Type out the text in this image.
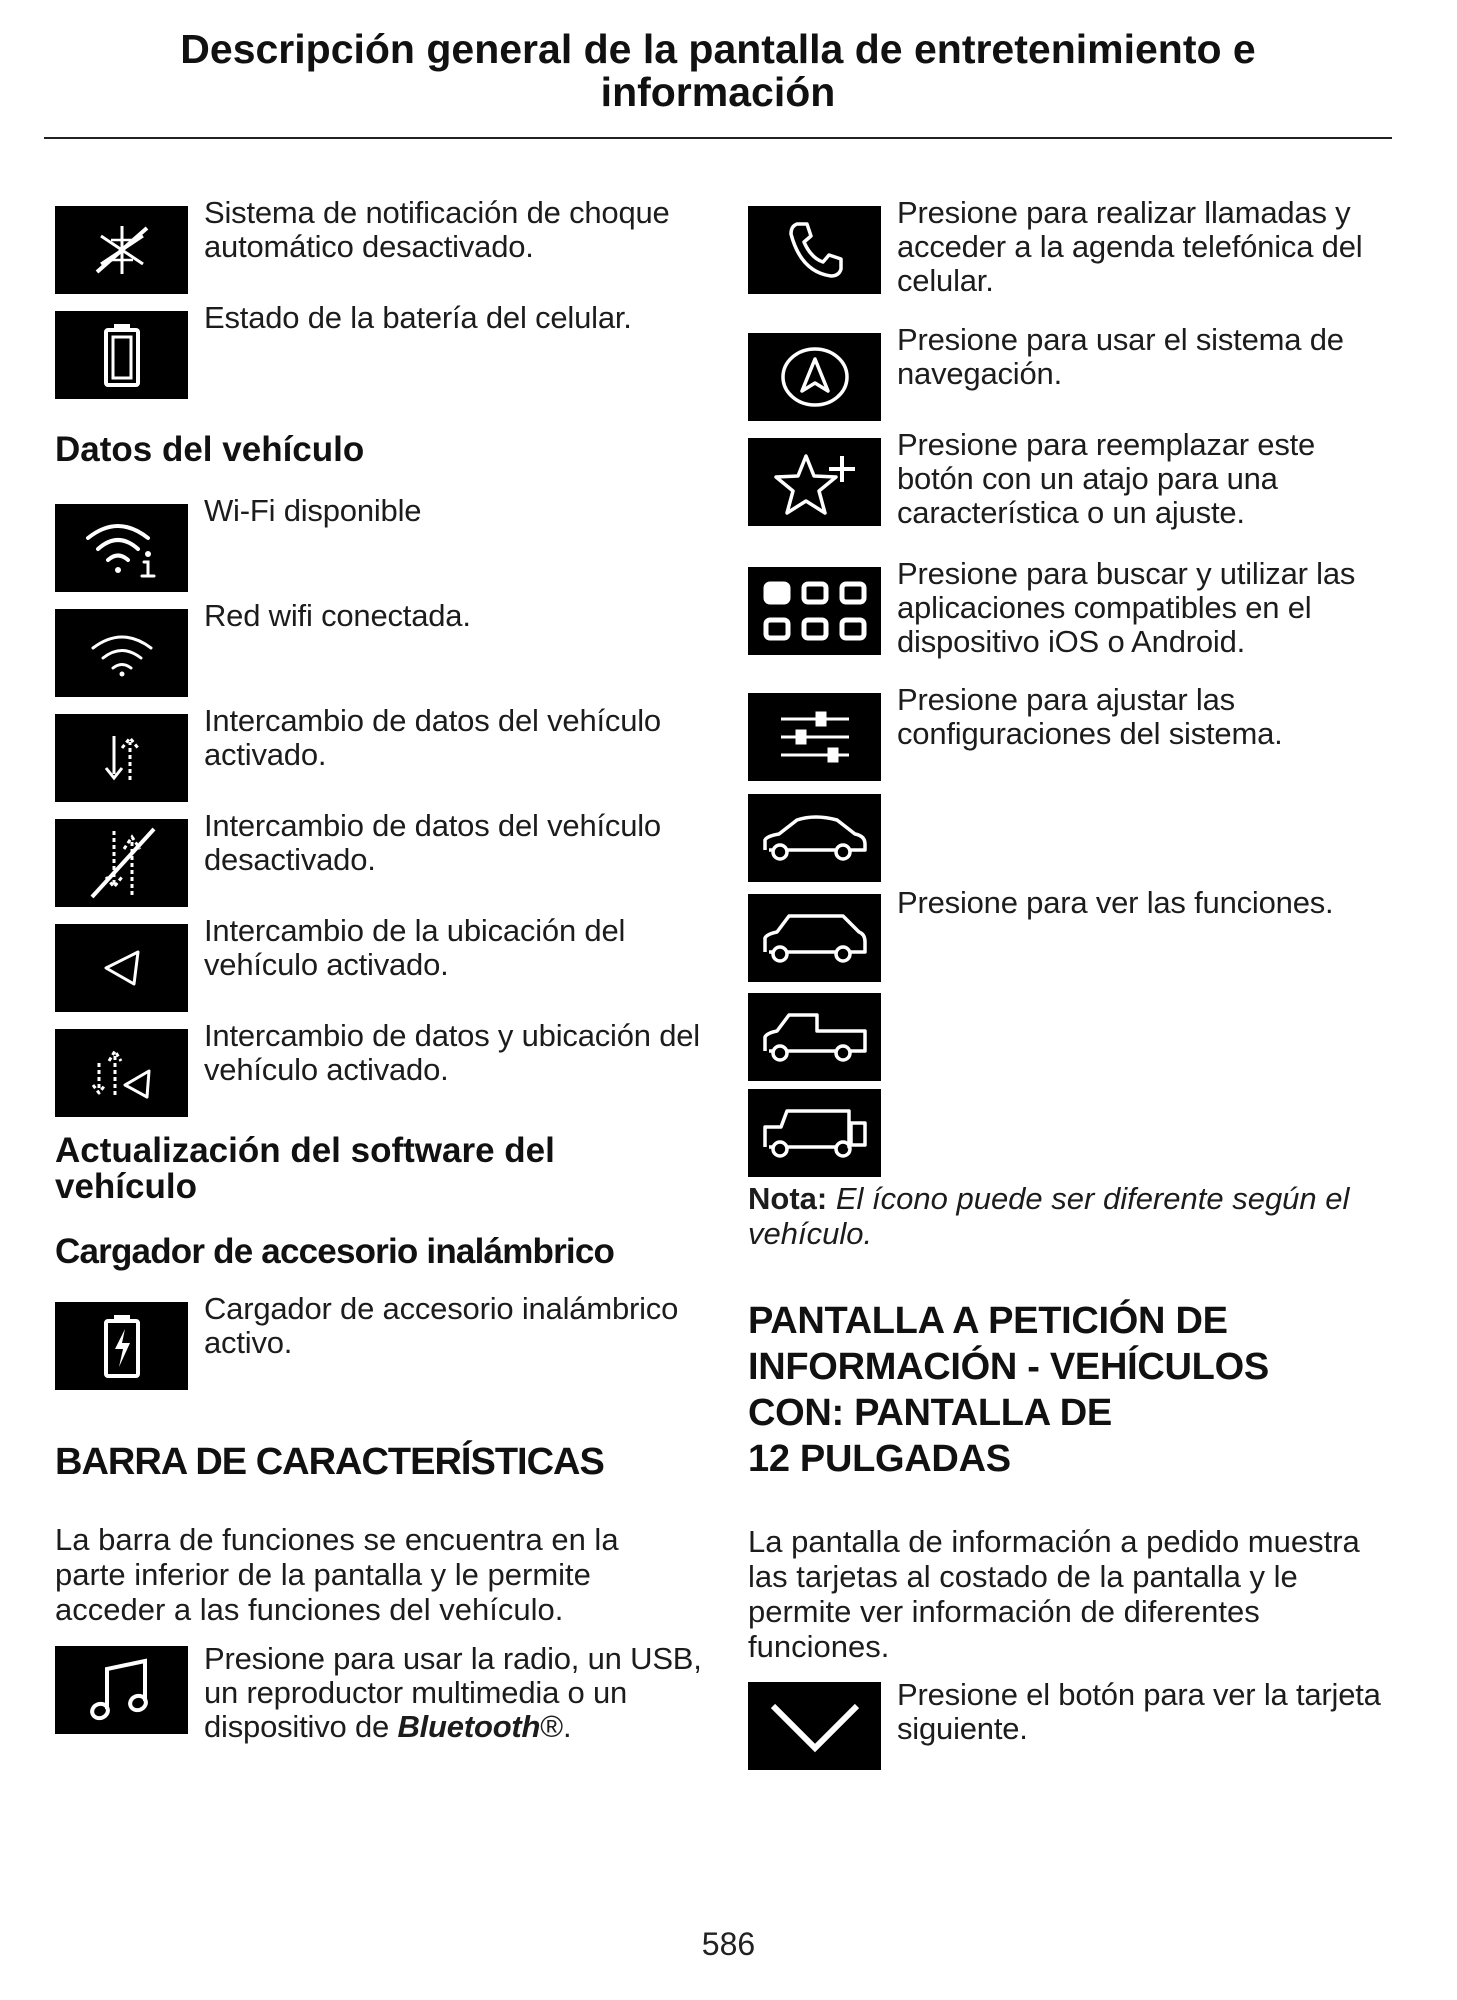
Descripción general de la pantalla de entretenimiento e
información
Sistema de notificación de choque automático desactivado.
Estado de la batería del celular.
Datos del vehículo
Wi-Fi disponible
Red wifi conectada.
Intercambio de datos del vehículo activado.
Intercambio de datos del vehículo desactivado.
Intercambio de la ubicación del vehículo activado.
Intercambio de datos y ubicación del vehículo activado.
Actualización del software del vehículo
Cargador de accesorio inalámbrico
Cargador de accesorio inalámbrico activo.
BARRA DE CARACTERÍSTICAS
La barra de funciones se encuentra en la parte inferior de la pantalla y le permite acceder a las funciones del vehículo.
Presione para usar la radio, un USB, un reproductor multimedia o un dispositivo de Bluetooth®.
Presione para realizar llamadas y acceder a la agenda telefónica del celular.
Presione para usar el sistema de navegación.
Presione para reemplazar este botón con un atajo para una característica o un ajuste.
Presione para buscar y utilizar las aplicaciones compatibles en el dispositivo iOS o Android.
Presione para ajustar las configuraciones del sistema.
Presione para ver las funciones.
Nota: El ícono puede ser diferente según el vehículo.
PANTALLA A PETICIÓN DE
INFORMACIÓN - VEHÍCULOS
CON: PANTALLA DE
12 PULGADAS
La pantalla de información a pedido muestra las tarjetas al costado de la pantalla y le permite ver información de diferentes funciones.
Presione el botón para ver la tarjeta siguiente.
586
